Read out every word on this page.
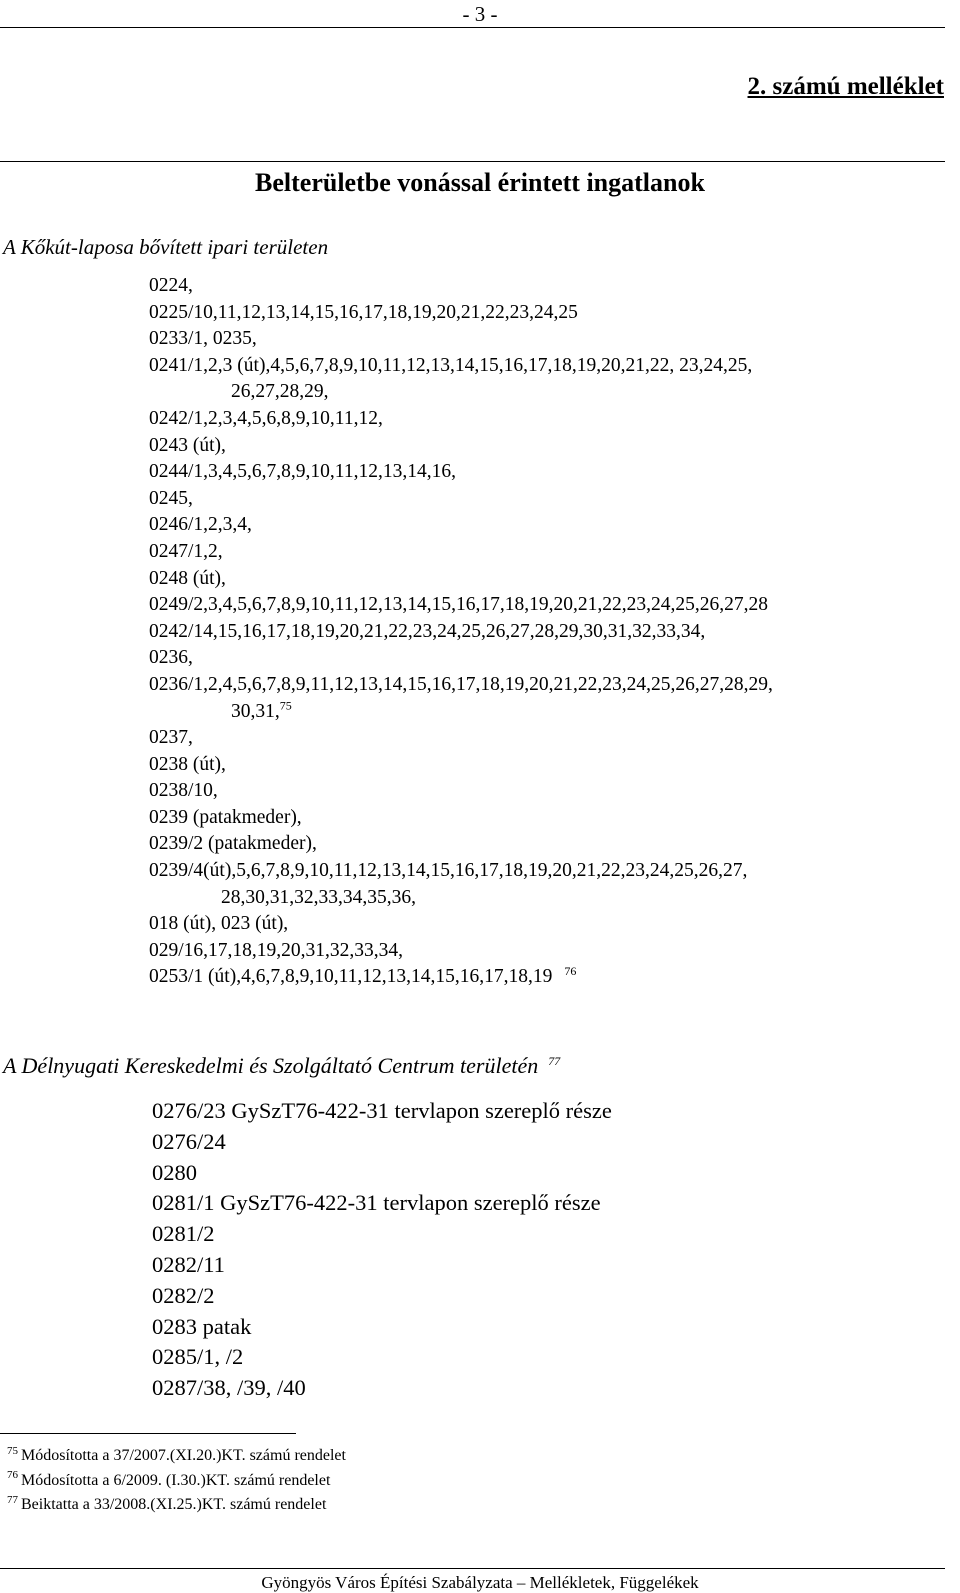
- 3 -
2. számú melléklet
Belterületbe vonással érintett ingatlanok
A Kőkút-laposa bővített ipari területen
0224,
0225/10,11,12,13,14,15,16,17,18,19,20,21,22,23,24,25
0233/1, 0235,
0241/1,2,3 (út),4,5,6,7,8,9,10,11,12,13,14,15,16,17,18,19,20,21,22, 23,24,25,
26,27,28,29,
0242/1,2,3,4,5,6,8,9,10,11,12,
0243 (út),
0244/1,3,4,5,6,7,8,9,10,11,12,13,14,16,
0245,
0246/1,2,3,4,
0247/1,2,
0248 (út),
0249/2,3,4,5,6,7,8,9,10,11,12,13,14,15,16,17,18,19,20,21,22,23,24,25,26,27,28
0242/14,15,16,17,18,19,20,21,22,23,24,25,26,27,28,29,30,31,32,33,34,
0236,
0236/1,2,4,5,6,7,8,9,11,12,13,14,15,16,17,18,19,20,21,22,23,24,25,26,27,28,29,
30,31,75
0237,
0238 (út),
0238/10,
0239 (patakmeder),
0239/2 (patakmeder),
0239/4(út),5,6,7,8,9,10,11,12,13,14,15,16,17,18,19,20,21,22,23,24,25,26,27,
28,30,31,32,33,34,35,36,
018 (út), 023 (út),
029/16,17,18,19,20,31,32,33,34,
0253/1 (út),4,6,7,8,9,10,11,12,13,14,15,16,17,18,19 $^{76}$
A Délnyugati Kereskedelmi és Szolgáltató Centrum területén $^{77}$
0276/23 GySzT76-422-31 tervlapon szereplő része
0276/24
0280
0281/1 GySzT76-422-31 tervlapon szereplő része
0281/2
0282/11
0282/2
0283 patak
0285/1, /2
0287/38, /39, /40
$^{75}$ Módosította a 37/2007.(XI.20.)KT. számú rendelet
$^{76}$ Módosította a 6/2009. (I.30.)KT. számú rendelet
$^{77}$ Beiktatta a 33/2008.(XI.25.)KT. számú rendelet
Gyöngyös Város Építési Szabályzata – Mellékletek, Függelékek
